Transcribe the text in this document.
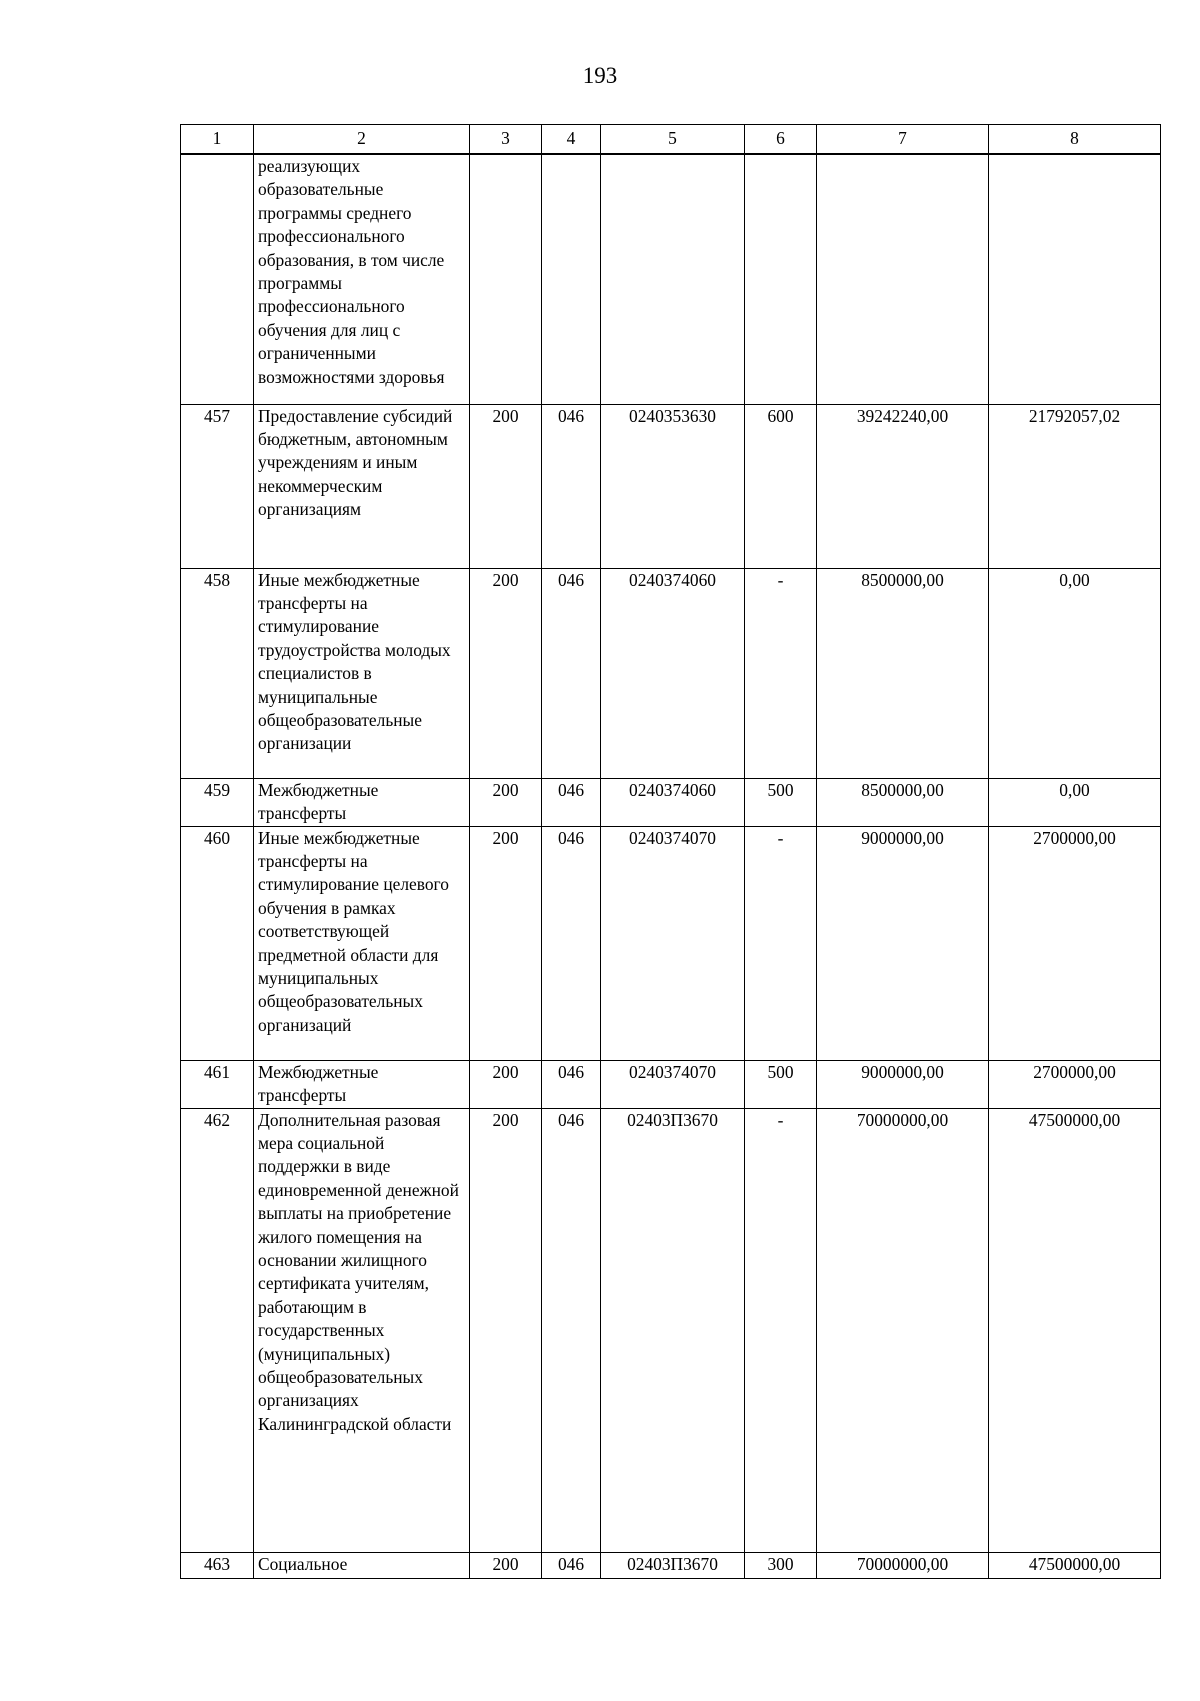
193
1	2	3	4	5	6	7	8
	реализующих образовательные программы среднего профессионального образования, в том числе программы профессионального обучения для лиц с ограниченными возможностями здоровья						
457	Предоставление субсидий бюджетным, автономным учреждениям и иным некоммерческим организациям	200	046	0240353630	600	39242240,00	21792057,02
458	Иные межбюджетные трансферты на стимулирование трудоустройства молодых специалистов в муниципальные общеобразовательные организации	200	046	0240374060	-	8500000,00	0,00
459	Межбюджетные трансферты	200	046	0240374060	500	8500000,00	0,00
460	Иные межбюджетные трансферты на стимулирование целевого обучения в рамках соответствующей предметной области для муниципальных общеобразовательных организаций	200	046	0240374070	-	9000000,00	2700000,00
461	Межбюджетные трансферты	200	046	0240374070	500	9000000,00	2700000,00
462	Дополнительная разовая мера социальной поддержки в виде единовременной денежной выплаты на приобретение жилого помещения на основании жилищного сертификата учителям, работающим в государственных (муниципальных) общеобразовательных организациях Калининградской области	200	046	02403П3670	-	70000000,00	47500000,00
463	Социальное	200	046	02403П3670	300	70000000,00	47500000,00
